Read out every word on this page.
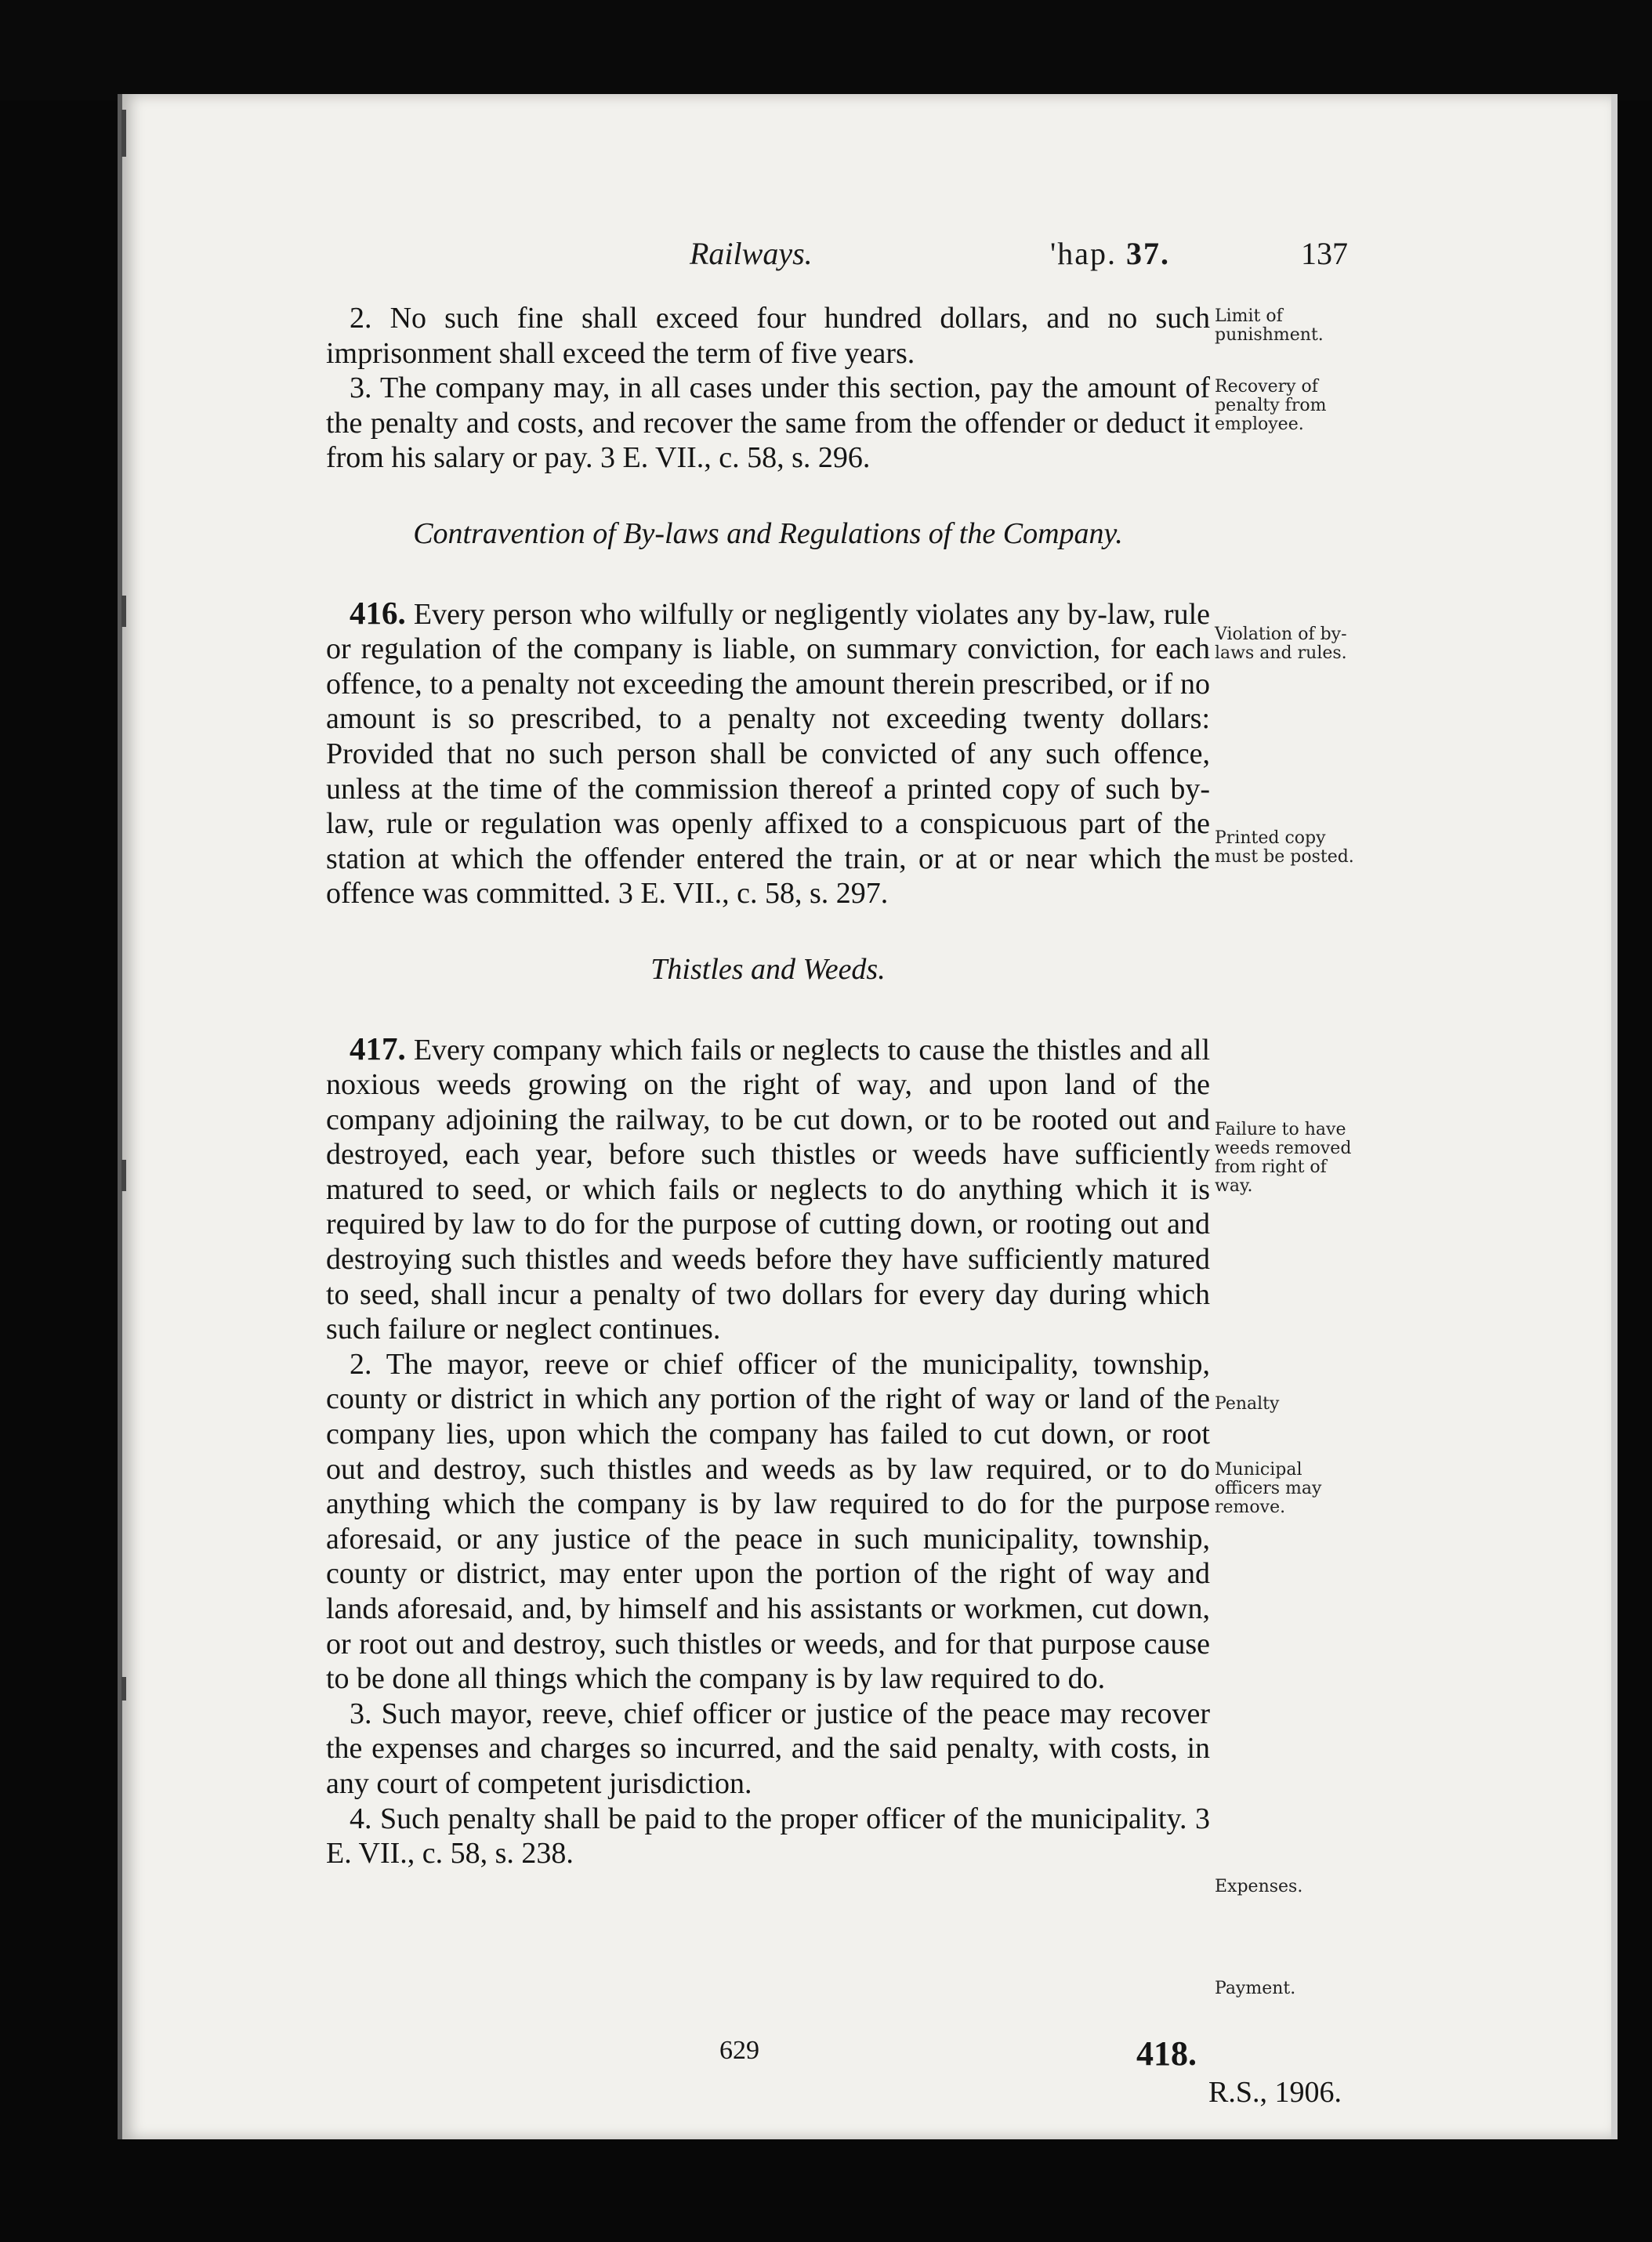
Railways.	'hap. 37.	137

2. No such fine shall exceed four hundred dollars, and no such imprisonment shall exceed the term of five years.

3. The company may, in all cases under this section, pay the amount of the penalty and costs, and recover the same from the offender or deduct it from his salary or pay. 3 E. VII., c. 58, s. 296.

Contravention of By-laws and Regulations of the Company.

416. Every person who wilfully or negligently violates any by-law, rule or regulation of the company is liable, on summary conviction, for each offence, to a penalty not exceeding the amount therein prescribed, or if no amount is so prescribed, to a penalty not exceeding twenty dollars: Provided that no such person shall be convicted of any such offence, unless at the time of the commission thereof a printed copy of such by-law, rule or regulation was openly affixed to a conspicuous part of the station at which the offender entered the train, or at or near which the offence was committed. 3 E. VII., c. 58, s. 297.

Thistles and Weeds.

417. Every company which fails or neglects to cause the thistles and all noxious weeds growing on the right of way, and upon land of the company adjoining the railway, to be cut down, or to be rooted out and destroyed, each year, before such thistles or weeds have sufficiently matured to seed, or which fails or neglects to do anything which it is required by law to do for the purpose of cutting down, or rooting out and destroying such thistles and weeds before they have sufficiently matured to seed, shall incur a penalty of two dollars for every day during which such failure or neglect continues.

2. The mayor, reeve or chief officer of the municipality, township, county or district in which any portion of the right of way or land of the company lies, upon which the company has failed to cut down, or root out and destroy, such thistles and weeds as by law required, or to do anything which the company is by law required to do for the purpose aforesaid, or any justice of the peace in such municipality, township, county or district, may enter upon the portion of the right of way and lands aforesaid, and, by himself and his assistants or workmen, cut down, or root out and destroy, such thistles or weeds, and for that purpose cause to be done all things which the company is by law required to do.

3. Such mayor, reeve, chief officer or justice of the peace may recover the expenses and charges so incurred, and the said penalty, with costs, in any court of competent jurisdiction.

4. Such penalty shall be paid to the proper officer of the municipality. 3 E. VII., c. 58, s. 238.

Limit of punishment.
Recovery of penalty from employee.
Violation of by-laws and rules.
Printed copy must be posted.
Failure to have weeds removed from right of way.
Penalty
Municipal officers may remove.
Expenses.
Payment.
629	418.
R.S., 1906.
